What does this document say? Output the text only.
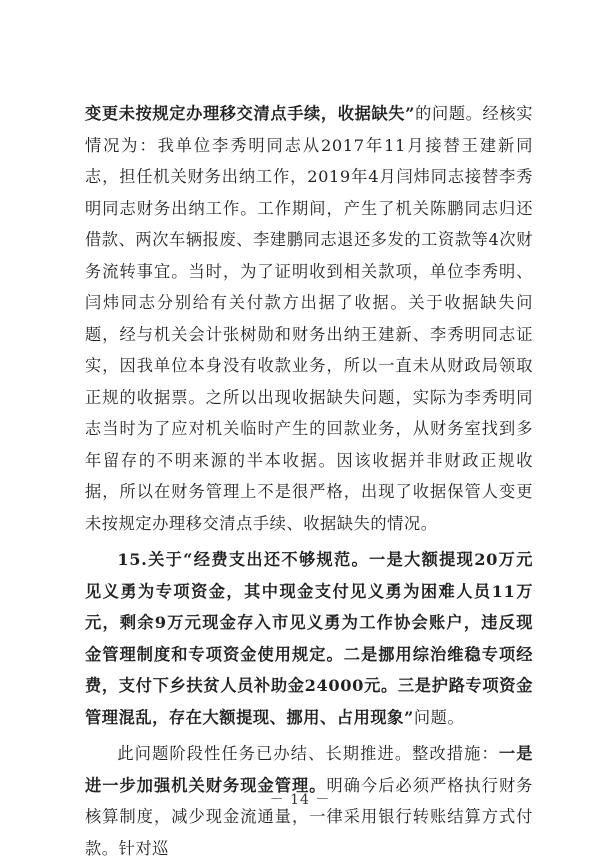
变更未按规定办理移交清点手续，收据缺失”的问题。经核实情况为：我单位李秀明同志从2017年11月接替王建新同志，担任机关财务出纳工作，2019年4月闫炜同志接替李秀明同志财务出纳工作。工作期间，产生了机关陈鹏同志归还借款、两次车辆报废、李建鹏同志退还多发的工资款等4次财务流转事宜。当时，为了证明收到相关款项，单位李秀明、闫炜同志分别给有关付款方出据了收据。关于收据缺失问题，经与机关会计张树勋和财务出纳王建新、李秀明同志证实，因我单位本身没有收款业务，所以一直未从财政局领取正规的收据票。之所以出现收据缺失问题，实际为李秀明同志当时为了应对机关临时产生的回款业务，从财务室找到多年留存的不明来源的半本收据。因该收据并非财政正规收据，所以在财务管理上不是很严格，出现了收据保管人变更未按规定办理移交清点手续、收据缺失的情况。

15.关于“经费支出还不够规范。一是大额提现20万元见义勇为专项资金，其中现金支付见义勇为困难人员11万元，剩余9万元现金存入市见义勇为工作协会账户，违反现金管理制度和专项资金使用规定。二是挪用综治维稳专项经费，支付下乡扶贫人员补助金24000元。三是护路专项资金管理混乱，存在大额提现、挪用、占用现象”问题。

此问题阶段性任务已办结、长期推进。整改措施：一是进一步加强机关财务现金管理。明确今后必须严格执行财务核算制度，减少现金流通量，一律采用银行转账结算方式付款。针对巡

－ 14 －
